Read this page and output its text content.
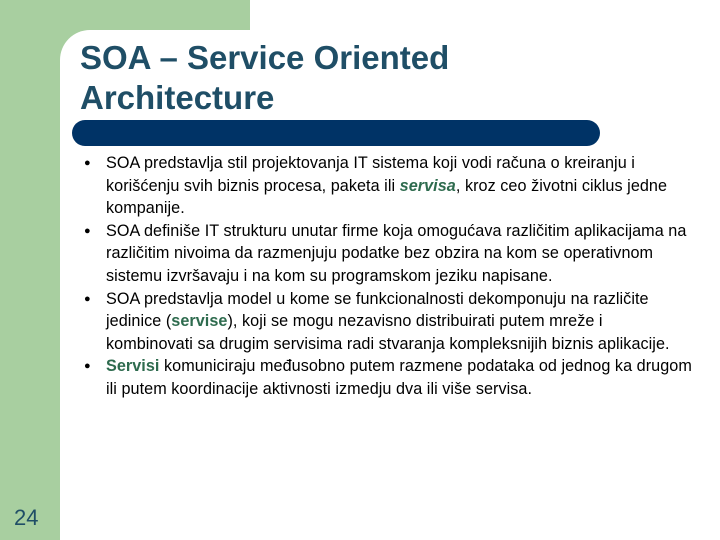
SOA – Service Oriented Architecture
● SOA predstavlja stil projektovanja IT sistema koji vodi računa o kreiranju i korišćenju svih biznis procesa, paketa ili servisa, kroz ceo životni ciklus jedne kompanije.
● SOA definiše IT strukturu unutar firme koja omogućava različitim aplikacijama na različitim nivoima da razmenjuju podatke bez obzira na kom se operativnom sistemu izvršavaju i na kom su programskom jeziku napisane.
● SOA predstavlja model u kome se funkcionalnosti dekomponuju na različite jedinice (servise), koji se mogu nezavisno distribuirati putem mreže i kombinovati sa drugim servisima radi stvaranja kompleksnijih biznis aplikacije.
● Servisi komuniciraju međusobno putem razmene podataka od jednog ka drugom ili putem koordinacije aktivnosti izmedju dva ili više servisa.
24
